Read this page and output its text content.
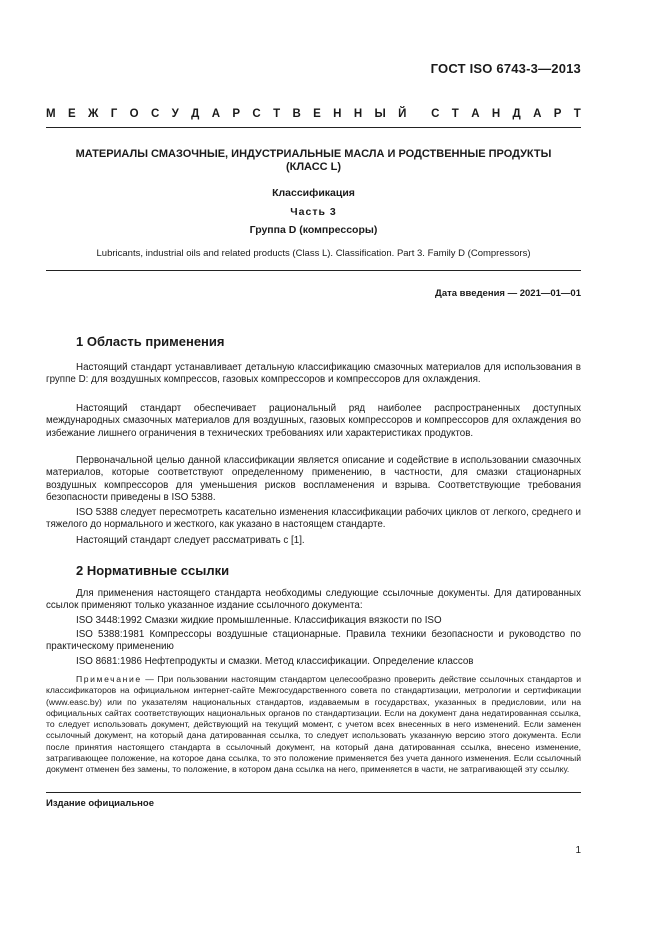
ГОСТ ISO 6743-3—2013
М Е Ж Г О С У Д А Р С Т В Е Н Н Ы Й С Т А Н Д А Р Т
МАТЕРИАЛЫ СМАЗОЧНЫЕ, ИНДУСТРИАЛЬНЫЕ МАСЛА И РОДСТВЕННЫЕ ПРОДУКТЫ
(КЛАСС L)
Классификация
Часть 3
Группа D (компрессоры)
Lubricants, industrial oils and related products (Class L). Classification. Part 3. Family D (Compressors)
Дата введения — 2021—01—01
1 Область применения
Настоящий стандарт устанавливает детальную классификацию смазочных материалов для использования в группе D: для воздушных компрессов, газовых компрессоров и компрессоров для охлаждения.
Настоящий стандарт обеспечивает рациональный ряд наиболее распространенных доступных международных смазочных материалов для воздушных, газовых компрессоров и компрессоров для охлаждения во избежание лишнего ограничения в технических требованиях или характеристиках продуктов.
Первоначальной целью данной классификации является описание и содействие в использовании смазочных материалов, которые соответствуют определенному применению, в частности, для смазки стационарных воздушных компрессоров для уменьшения рисков воспламенения и взрыва. Соответствующие требования безопасности приведены в ISO 5388.
ISO 5388 следует пересмотреть касательно изменения классификации рабочих циклов от легкого, среднего и тяжелого до нормального и жесткого, как указано в настоящем стандарте.
Настоящий стандарт следует рассматривать с [1].
2 Нормативные ссылки
Для применения настоящего стандарта необходимы следующие ссылочные документы. Для датированных ссылок применяют только указанное издание ссылочного документа:
ISO 3448:1992 Смазки жидкие промышленные. Классификация вязкости по ISO
ISO 5388:1981 Компрессоры воздушные стационарные. Правила техники безопасности и руководство по практическому применению
ISO 8681:1986 Нефтепродукты и смазки. Метод классификации. Определение классов
Примечание — При пользовании настоящим стандартом целесообразно проверить действие ссылочных стандартов и классификаторов на официальном интернет-сайте Межгосударственного совета по стандартизации, метрологии и сертификации (www.easc.by) или по указателям национальных стандартов, издаваемым в государствах, указанных в предисловии, или на официальных сайтах соответствующих национальных органов по стандартизации. Если на документ дана недатированная ссылка, то следует использовать документ, действующий на текущий момент, с учетом всех внесенных в него изменений. Если заменен ссылочный документ, на который дана датированная ссылка, то следует использовать указанную версию этого документа. Если после принятия настоящего стандарта в ссылочный документ, на который дана датированная ссылка, внесено изменение, затрагивающее положение, на которое дана ссылка, то это положение применяется без учета данного изменения. Если ссылочный документ отменен без замены, то положение, в котором дана ссылка на него, применяется в части, не затрагивающей эту ссылку.
Издание официальное
1
